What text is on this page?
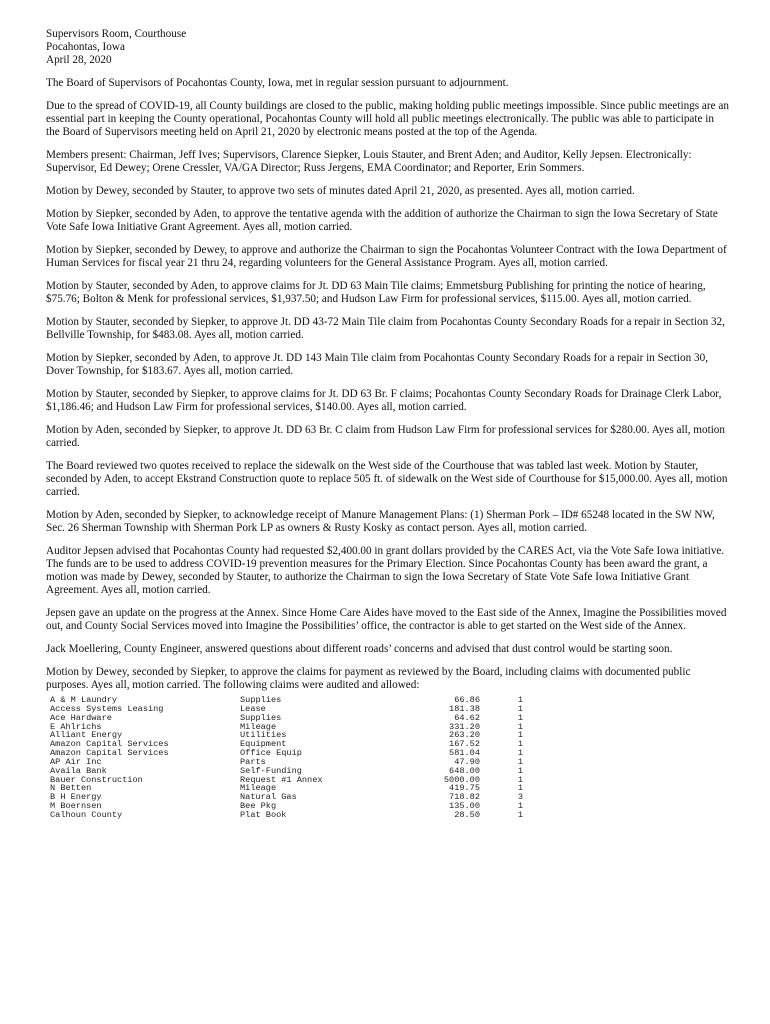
Supervisors Room, Courthouse
Pocahontas, Iowa
April 28, 2020

The Board of Supervisors of Pocahontas County, Iowa, met in regular session pursuant to adjournment.

Due to the spread of COVID-19, all County buildings are closed to the public, making holding public meetings impossible. Since public meetings are an essential part in keeping the County operational, Pocahontas County will hold all public meetings electronically. The public was able to participate in the Board of Supervisors meeting held on April 21, 2020 by electronic means posted at the top of the Agenda.

Members present: Chairman, Jeff Ives; Supervisors, Clarence Siepker, Louis Stauter, and Brent Aden; and Auditor, Kelly Jepsen. Electronically: Supervisor, Ed Dewey; Orene Cressler, VA/GA Director; Russ Jergens, EMA Coordinator; and Reporter, Erin Sommers.

Motion by Dewey, seconded by Stauter, to approve two sets of minutes dated April 21, 2020, as presented. Ayes all, motion carried.

Motion by Siepker, seconded by Aden, to approve the tentative agenda with the addition of authorize the Chairman to sign the Iowa Secretary of State Vote Safe Iowa Initiative Grant Agreement. Ayes all, motion carried.

Motion by Siepker, seconded by Dewey, to approve and authorize the Chairman to sign the Pocahontas Volunteer Contract with the Iowa Department of Human Services for fiscal year 21 thru 24, regarding volunteers for the General Assistance Program. Ayes all, motion carried.

Motion by Stauter, seconded by Aden, to approve claims for Jt. DD 63 Main Tile claims; Emmetsburg Publishing for printing the notice of hearing, $75.76; Bolton & Menk for professional services, $1,937.50; and Hudson Law Firm for professional services, $115.00. Ayes all, motion carried.

Motion by Stauter, seconded by Siepker, to approve Jt. DD 43-72 Main Tile claim from Pocahontas County Secondary Roads for a repair in Section 32, Bellville Township, for $483.08. Ayes all, motion carried.

Motion by Siepker, seconded by Aden, to approve Jt. DD 143 Main Tile claim from Pocahontas County Secondary Roads for a repair in Section 30, Dover Township, for $183.67. Ayes all, motion carried.

Motion by Stauter, seconded by Siepker, to approve claims for Jt. DD 63 Br. F claims; Pocahontas County Secondary Roads for Drainage Clerk Labor, $1,186.46; and Hudson Law Firm for professional services, $140.00. Ayes all, motion carried.

Motion by Aden, seconded by Siepker, to approve Jt. DD 63 Br. C claim from Hudson Law Firm for professional services for $280.00. Ayes all, motion carried.

The Board reviewed two quotes received to replace the sidewalk on the West side of the Courthouse that was tabled last week. Motion by Stauter, seconded by Aden, to accept Ekstrand Construction quote to replace 505 ft. of sidewalk on the West side of Courthouse for $15,000.00. Ayes all, motion carried.

Motion by Aden, seconded by Siepker, to acknowledge receipt of Manure Management Plans: (1) Sherman Pork – ID# 65248 located in the SW NW, Sec. 26 Sherman Township with Sherman Pork LP as owners & Rusty Kosky as contact person. Ayes all, motion carried.

Auditor Jepsen advised that Pocahontas County had requested $2,400.00 in grant dollars provided by the CARES Act, via the Vote Safe Iowa initiative. The funds are to be used to address COVID-19 prevention measures for the Primary Election. Since Pocahontas County has been award the grant, a motion was made by Dewey, seconded by Stauter, to authorize the Chairman to sign the Iowa Secretary of State Vote Safe Iowa Initiative Grant Agreement. Ayes all, motion carried.

Jepsen gave an update on the progress at the Annex. Since Home Care Aides have moved to the East side of the Annex, Imagine the Possibilities moved out, and County Social Services moved into Imagine the Possibilities’ office, the contractor is able to get started on the West side of the Annex.

Jack Moellering, County Engineer, answered questions about different roads’ concerns and advised that dust control would be starting soon.

Motion by Dewey, seconded by Siepker, to approve the claims for payment as reviewed by the Board, including claims with documented public purposes. Ayes all, motion carried. The following claims were audited and allowed:

A & M Laundry	Supplies	66.86	1
Access Systems Leasing	Lease	181.38	1
Ace Hardware	Supplies	64.62	1
E Ahlrichs	Mileage	331.20	1
Alliant Energy	Utilities	263.20	1
Amazon Capital Services	Equipment	167.52	1
Amazon Capital Services	Office Equip	581.04	1
AP Air Inc	Parts	47.90	1
Availa Bank	Self-Funding	648.00	1
Bauer Construction	Request #1 Annex	5000.00	1
N Betten	Mileage	419.75	1
B H Energy	Natural Gas	718.82	3
M Boernsen	Bee Pkg	135.00	1
Calhoun County	Plat Book	28.50	1
